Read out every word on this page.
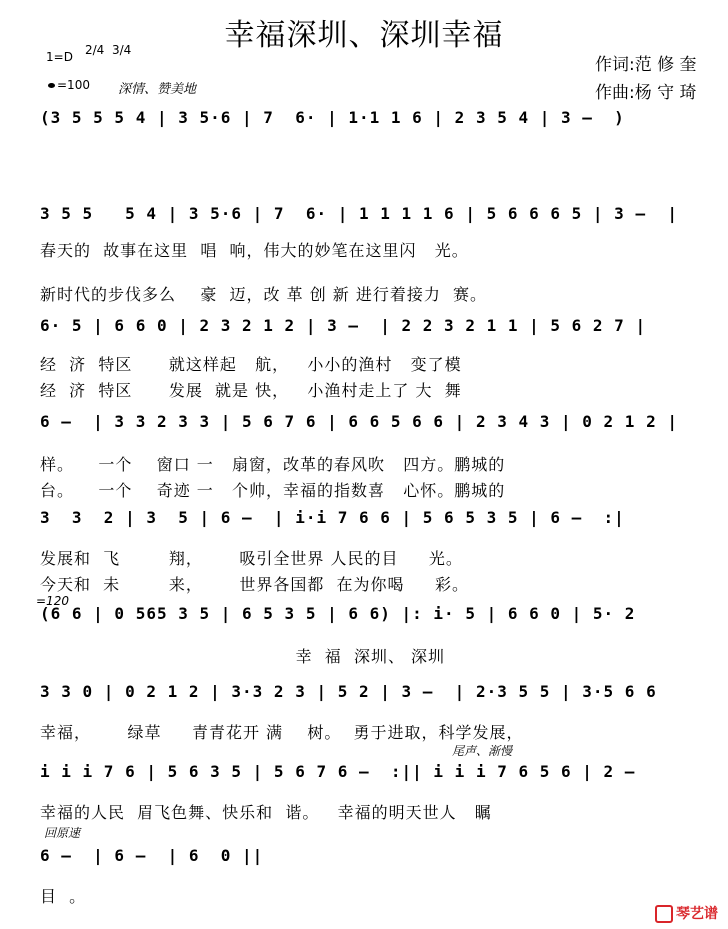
幸福深圳、深圳幸福
1=D 2/4 3/4
=100 深情、赞美地
作词:范 修 奎
作曲:杨 守 琦
(3 5 5 5 4 | 3 5·6 | 7  6· | 1·1 1 6 | 2 3 5 4 | 3 –  )
3 5 5   5 4 | 3 5·6 | 7  6· | 1 1 1 1 6 | 5 6 6 6 5 | 3 –  |
春天的  故事在这里  唱  响，伟大的妙笔在这里闪   光。
新时代的步伐多么    豪  迈，改 革 创 新 进行着接力  赛。
6· 5 | 6 6 0 | 2 3 2 1 2 | 3 –  | 2 2 3 2 1 1 | 5 6 2 7 |
经  济  特区      就这样起   航，   小小的渔村   变了模
经  济  特区      发展  就是 快，   小渔村走上了 大  舞
6 –  | 3 3 2 3 3 | 5 6 7 6 | 6 6 5 6 6 | 2 3 4 3 | 0 2 1 2 |
样。    一个    窗口 一   扇窗，改革的春风吹   四方。鹏城的
台。    一个    奇迹 一   个帅，幸福的指数喜   心怀。鹏城的
3  3  2 | 3  5 | 6 –  | i·i 7 6 6 | 5 6 5 3 5 | 6 –  :|
发展和  飞        翔，      吸引全世界 人民的目     光。
今天和  未        来，      世界各国都  在为你喝     彩。
=120
(6 6 | 0 565 3 5 | 6 5 3 5 | 6 6) |: i· 5 | 6 6 0 | 5· 2
幸  福  深圳、 深圳
3 3 0 | 0 2 1 2 | 3·3 2 3 | 5 2 | 3 –  | 2·3 5 5 | 3·5 6 6
幸福，      绿草     青青花开 满    树。  勇于进取，科学发展，
尾声、渐慢
i i i 7 6 | 5 6 3 5 | 5 6 7 6 –  :|| i i i 7 6 5 6 | 2 –
幸福的人民  眉飞色舞、快乐和  谐。   幸福的明天世人   瞩
回原速
6 –  | 6 –  | 6  0 ||
目  。
琴艺谱
